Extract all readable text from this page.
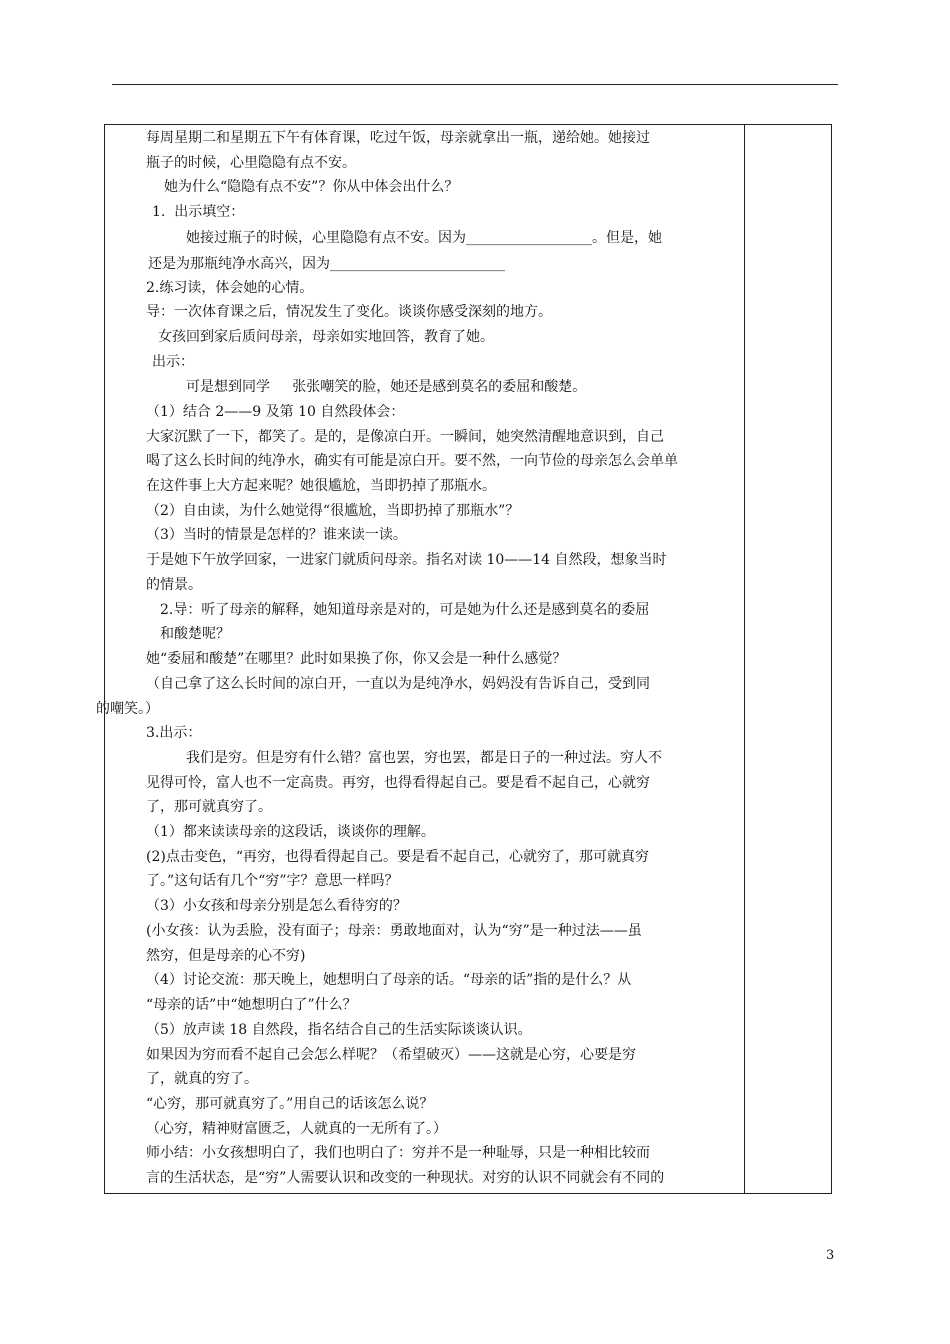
每周星期二和星期五下午有体育课，吃过午饭，母亲就拿出一瓶，递给她。她接过
瓶子的时候，心里隐隐有点不安。
她为什么“隐隐有点不安”？你从中体会出什么？
1.  出示填空：
她接过瓶子的时候，心里隐隐有点不安。因为__________________。但是，她
还是为那瓶纯净水高兴，因为_________________________
2.练习读，体会她的心情。
导：一次体育课之后，情况发生了变化。谈谈你感受深刻的地方。
女孩回到家后质问母亲，母亲如实地回答，教育了她。
出示：
可是想到同学     张张嘲笑的脸，她还是感到莫名的委屈和酸楚。
（1）结合 2——9 及第 10 自然段体会：
大家沉默了一下，都笑了。是的，是像凉白开。一瞬间，她突然清醒地意识到，自己
喝了这么长时间的纯净水，确实有可能是凉白开。要不然，一向节俭的母亲怎么会单单
在这件事上大方起来呢？她很尴尬，当即扔掉了那瓶水。
（2）自由读，为什么她觉得“很尴尬，当即扔掉了那瓶水”？
（3）当时的情景是怎样的？谁来读一读。
于是她下午放学回家，一进家门就质问母亲。指名对读 10——14 自然段，想象当时
的情景。
2.导：听了母亲的解释，她知道母亲是对的，可是她为什么还是感到莫名的委屈
和酸楚呢？
她“委屈和酸楚”在哪里？此时如果换了你，你又会是一种什么感觉？
（自己拿了这么长时间的凉白开，一直以为是纯净水，妈妈没有告诉自己，受到同
的嘲笑。）
3.出示：
我们是穷。但是穷有什么错？富也罢，穷也罢，都是日子的一种过法。穷人不
见得可怜，富人也不一定高贵。再穷，也得看得起自己。要是看不起自己，心就穷
了，那可就真穷了。
（1）都来读读母亲的这段话，谈谈你的理解。
(2)点击变色，“再穷，也得看得起自己。要是看不起自己，心就穷了，那可就真穷
了。”这句话有几个“穷”字？意思一样吗？
（3）小女孩和母亲分别是怎么看待穷的？
(小女孩：认为丢脸，没有面子；母亲：勇敢地面对，认为“穷”是一种过法——虽
然穷，但是母亲的心不穷)
（4）讨论交流：那天晚上，她想明白了母亲的话。“母亲的话”指的是什么？从
“母亲的话”中“她想明白了”什么？
（5）放声读 18 自然段，指名结合自己的生活实际谈谈认识。
如果因为穷而看不起自己会怎么样呢？（希望破灭）——这就是心穷，心要是穷
了，就真的穷了。
“心穷，那可就真穷了。”用自己的话该怎么说？
（心穷，精神财富匮乏，人就真的一无所有了。）
师小结：小女孩想明白了，我们也明白了：穷并不是一种耻辱，只是一种相比较而
言的生活状态，是“穷”人需要认识和改变的一种现状。对穷的认识不同就会有不同的
3
